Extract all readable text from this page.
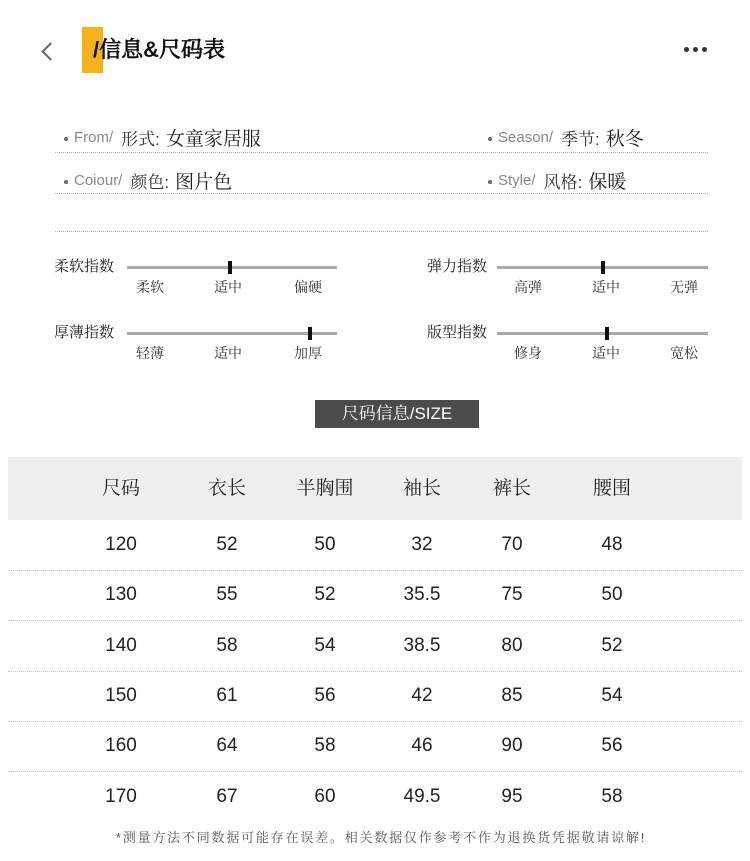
/信息&尺码表
From/ 形式: 女童家居服	Season/ 季节: 秋冬
Coiour/ 颜色: 图片色	Style/ 风格: 保暖
柔软指数
柔软	适中	偏硬
弹力指数
高弹	适中	无弹
厚薄指数
轻薄	适中	加厚
版型指数
修身	适中	宽松
尺码信息/SIZE
尺码	衣长	半胸围	袖长	裤长	腰围
120	52	50	32	70	48
130	55	52	35.5	75	50
140	58	54	38.5	80	52
150	61	56	42	85	54
160	64	58	46	90	56
170	67	60	49.5	95	58
*测量方法不同数据可能存在误差。相关数据仅作参考不作为退换货凭据敬请谅解!
